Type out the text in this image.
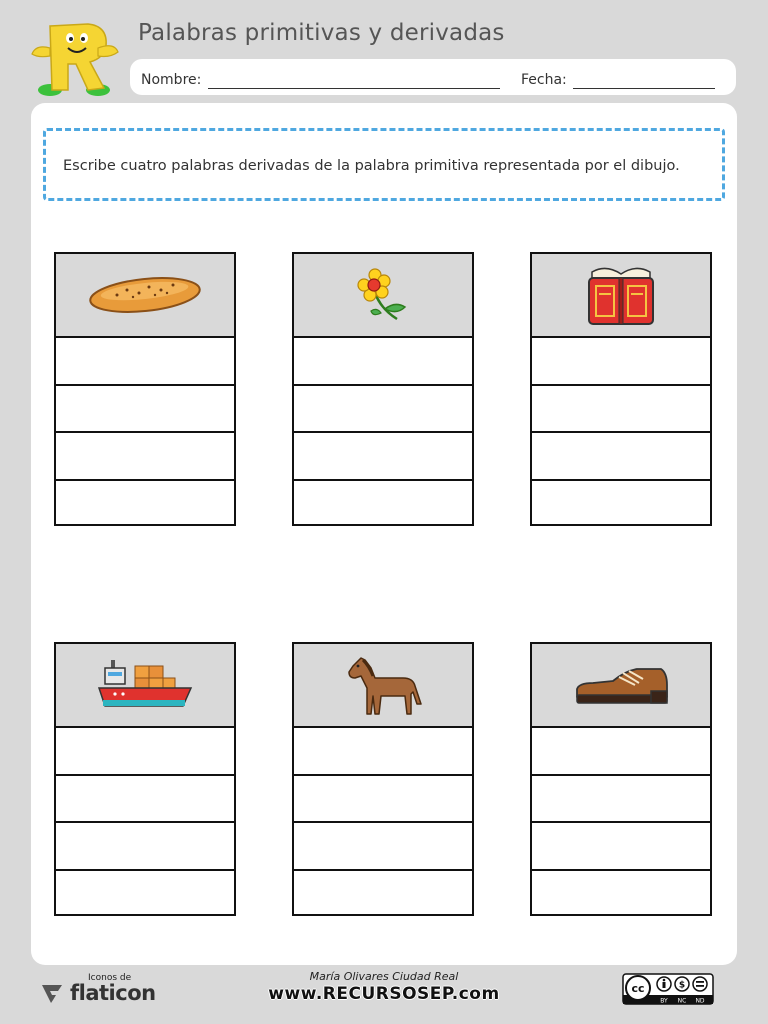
Palabras primitivas y derivadas
Nombre:	Fecha:
Escribe cuatro palabras derivadas de la palabra primitiva representada por el dibujo.
Iconos de
flaticon
María Olivares Ciudad Real
www.RECURSOSEP.com	cc	$
BY NC ND
